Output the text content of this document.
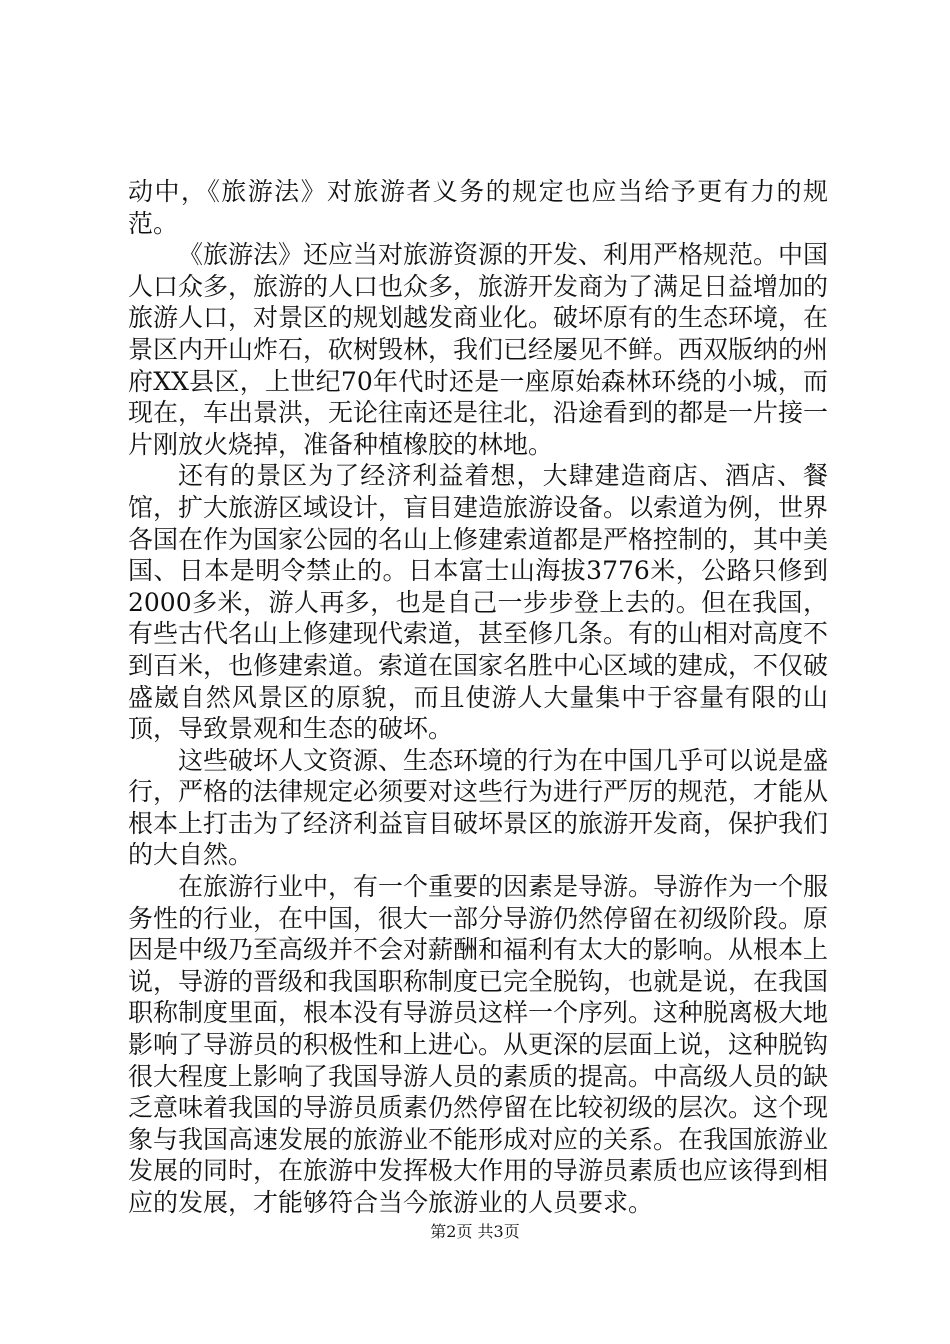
动中，《旅游法》对旅游者义务的规定也应当给予更有力的规范。

《旅游法》还应当对旅游资源的开发、利用严格规范。中国人口众多，旅游的人口也众多，旅游开发商为了满足日益增加的旅游人口，对景区的规划越发商业化。破坏原有的生态环境，在景区内开山炸石，砍树毁林，我们已经屡见不鲜。西双版纳的州府XX县区，上世纪70年代时还是一座原始森林环绕的小城，而现在，车出景洪，无论往南还是往北，沿途看到的都是一片接一片刚放火烧掉，准备种植橡胶的林地。

还有的景区为了经济利益着想，大肆建造商店、酒店、餐馆，扩大旅游区域设计，盲目建造旅游设备。以索道为例，世界各国在作为国家公园的名山上修建索道都是严格控制的，其中美国、日本是明令禁止的。日本富士山海拔3776米，公路只修到2000多米，游人再多，也是自己一步步登上去的。但在我国，有些古代名山上修建现代索道，甚至修几条。有的山相对高度不到百米，也修建索道。索道在国家名胜中心区域的建成，不仅破盛崴自然风景区的原貌，而且使游人大量集中于容量有限的山顶，导致景观和生态的破坏。

这些破坏人文资源、生态环境的行为在中国几乎可以说是盛行，严格的法律规定必须要对这些行为进行严厉的规范，才能从根本上打击为了经济利益盲目破坏景区的旅游开发商，保护我们的大自然。

在旅游行业中，有一个重要的因素是导游。导游作为一个服务性的行业，在中国，很大一部分导游仍然停留在初级阶段。原因是中级乃至高级并不会对薪酬和福利有太大的影响。从根本上说，导游的晋级和我国职称制度已完全脱钩，也就是说，在我国职称制度里面，根本没有导游员这样一个序列。这种脱离极大地影响了导游员的积极性和上进心。从更深的层面上说，这种脱钩很大程度上影响了我国导游人员的素质的提高。中高级人员的缺乏意味着我国的导游员质素仍然停留在比较初级的层次。这个现象与我国高速发展的旅游业不能形成对应的关系。在我国旅游业发展的同时，在旅游中发挥极大作用的导游员素质也应该得到相应的发展，才能够符合当今旅游业的人员要求。

第2页 共3页
